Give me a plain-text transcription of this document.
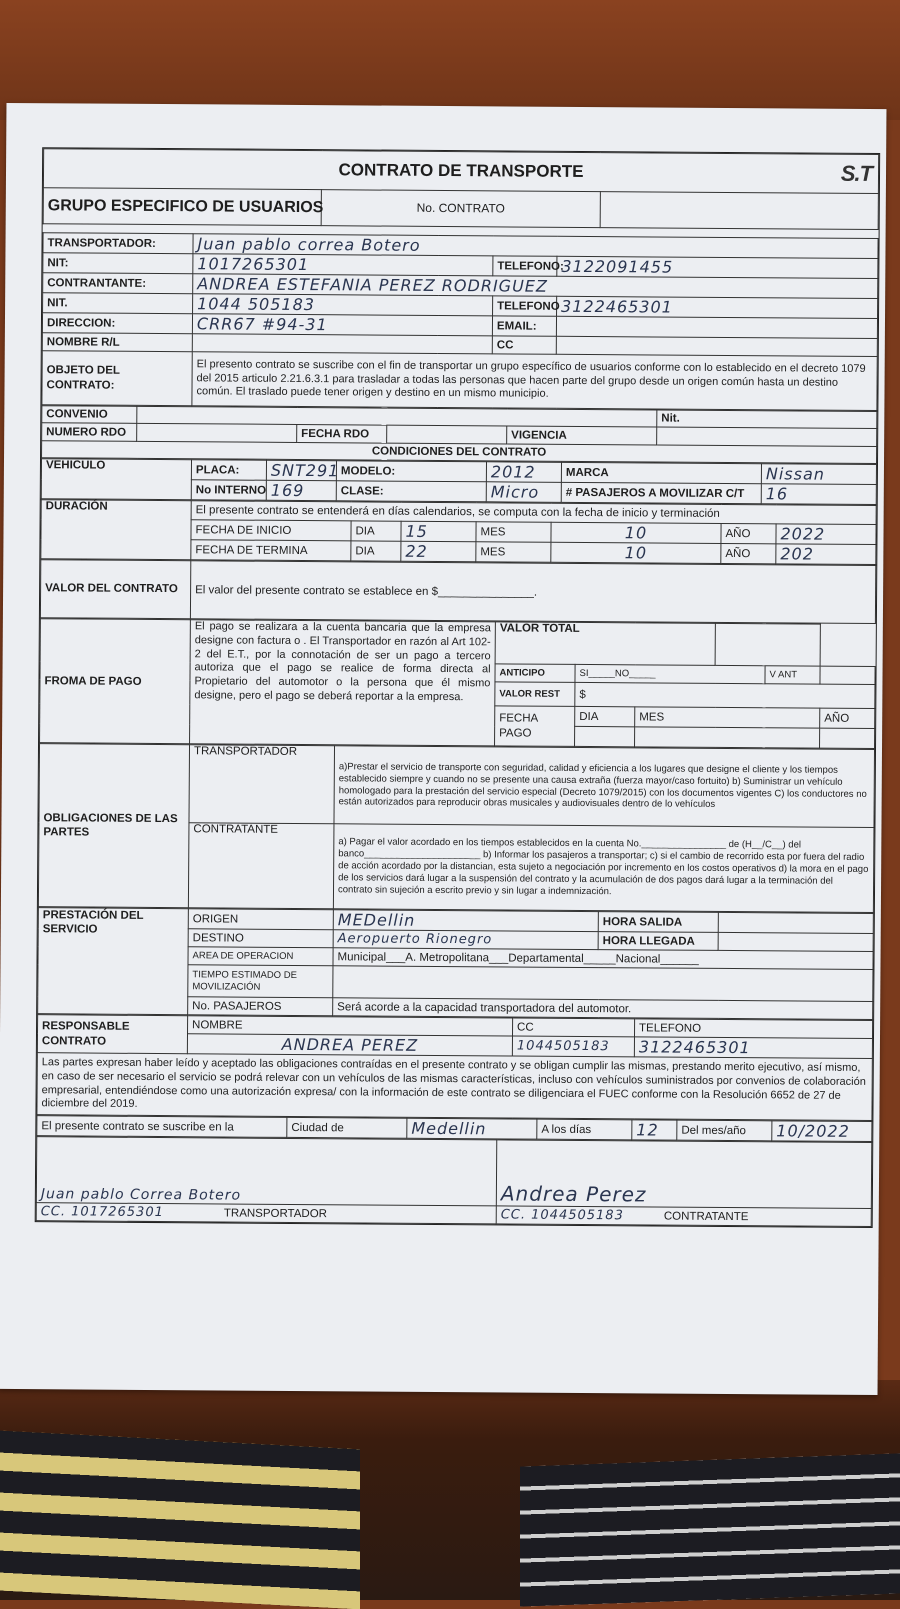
CONTRATO DE TRANSPORTE	S.T

GRUPO ESPECIFICO DE USUARIOS	No. CONTRATO	
TRANSPORTADOR:	Juan pablo correa Botero		
NIT:	1017265301	TELEFONO:	3122091455
CONTRANTANTE:	ANDREA ESTEFANIA PEREZ RODRIGUEZ		
NIT.	1044 505183	TELEFONO	3122465301
DIRECCION:	CRR67 #94-31	EMAIL:	
NOMBRE R/L		CC	
OBJETO DEL CONTRATO:	El presento contrato se suscribe con el fin de transportar un grupo específico de usuarios conforme con lo establecido en el decreto 1079 del 2015 articulo 2.21.6.3.1 para trasladar a todas las personas que hacen parte del grupo desde un origen común hasta un destino común. El traslado puede tener origen y destino en un mismo municipio.		
CONVENIO					Nit.
NUMERO RDO		FECHA RDO		VIGENCIA	
CONDICIONES DEL CONTRATO					
VEHICULO	PLACA:	SNT291	MODELO:	2012	MARCA	Nissan
	No INTERNO	169	CLASE:	Micro	# PASAJEROS A MOVILIZAR C/T	16
DURACIÓN	El presente contrato se entenderá en días calendarios, se computa con la fecha de inicio y terminación						
	FECHA DE INICIO	DIA	15	MES	10	AÑO	2022
	FECHA DE TERMINA	DIA	22	MES	10	AÑO	202
VALOR DEL CONTRATO	El valor del presente contrato se establece en $_______________.
FROMA DE PAGO	El pago se realizara a la cuenta bancaria que la empresa designe con factura o . El Transportador en razón al Art 102-2 del E.T., por la connotación de ser un pago a tercero autoriza que el pago se realice de forma directa al Propietario del automotor o la persona que él mismo designe, pero el pago se deberá reportar a la empresa.	VALOR TOTAL					
		ANTICIPO	SI_____NO_____			V ANT	
		VALOR REST	$				
		FECHA PAGO	DIA	MES			AÑO

OBLIGACIONES DE LAS PARTES	TRANSPORTADOR	a)Prestar el servicio de transporte con seguridad, calidad y eficiencia a los lugares que designe el cliente y los tiempos establecido siempre y cuando no se presente una causa extraña (fuerza mayor/caso fortuito) b) Suministrar un vehículo homologado para la prestación del servicio especial (Decreto 1079/2015) con los documentos vigentes C) los conductores no están autorizados para reproducir obras musicales y audiovisuales dentro de lo vehículos
	CONTRATANTE	a) Pagar el valor acordado en los tiempos establecidos en la cuenta No.________________ de (H__/C__) del banco______________________ b) Informar los pasajeros a transportar; c) si el cambio de recorrido esta por fuera del radio de acción acordado por la distancian, esta sujeto a negociación por incremento en los costos operativos d) la mora en el pago de los servicios dará lugar a la suspensión del contrato y la acumulación de dos pagos dará lugar a la terminación del contrato sin sujeción a escrito previo y sin lugar a indemnización.
PRESTACIÓN DEL SERVICIO	ORIGEN	MEDellin	HORA SALIDA	
	DESTINO	Aeropuerto Rionegro	HORA LLEGADA	
	AREA DE OPERACION	Municipal___A. Metropolitana___Departamental_____Nacional______		
	TIEMPO ESTIMADO DE MOVILIZACIÓN			
	No. PASAJEROS	Será acorde a la capacidad transportadora del automotor.		
RESPONSABLE CONTRATO	NOMBRE	CC	TELEFONO
	ANDREA PEREZ	1044505183	3122465301
Las partes expresan haber leído y aceptado las obligaciones contraídas en el presente contrato y se obligan cumplir las mismas, prestando merito ejecutivo, así mismo, en caso de ser necesario el servicio se podrá relevar con un vehículos de las mismas características, incluso con vehículos suministrados por convenios de colaboración empresarial, entendiéndose como una autorización expresa/ con la información de este contrato se diligenciara el FUEC conforme con la Resolución 6652 de 27 de diciembre del 2019.			
El presente contrato se suscribe en la	Ciudad de	Medellin	A los días	12	Del mes/año	10/2022
Juan pablo Correa Botero	Andrea Perez
CC. 1017265301 TRANSPORTADOR	CC. 1044505183 CONTRATANTE
